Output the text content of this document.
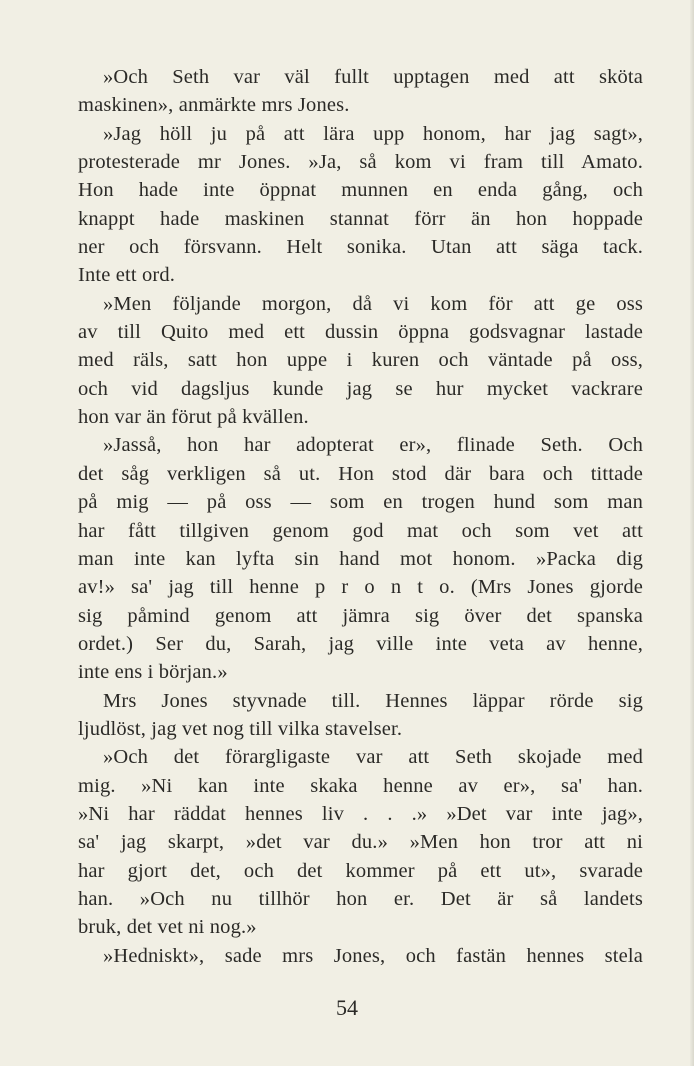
»Och Seth var väl fullt upptagen med att sköta
maskinen», anmärkte mrs Jones.
»Jag höll ju på att lära upp honom, har jag sagt»,
protesterade mr Jones. »Ja, så kom vi fram till Amato.
Hon hade inte öppnat munnen en enda gång, och
knappt hade maskinen stannat förr än hon hoppade
ner och försvann. Helt sonika. Utan att säga tack.
Inte ett ord.
»Men följande morgon, då vi kom för att ge oss
av till Quito med ett dussin öppna godsvagnar lastade
med räls, satt hon uppe i kuren och väntade på oss,
och vid dagsljus kunde jag se hur mycket vackrare
hon var än förut på kvällen.
»Jasså, hon har adopterat er», flinade Seth. Och
det såg verkligen så ut. Hon stod där bara och tittade
på mig — på oss — som en trogen hund som man
har fått tillgiven genom god mat och som vet att
man inte kan lyfta sin hand mot honom. »Packa dig
av!» sa' jag till henne p r o n t o. (Mrs Jones gjorde
sig påmind genom att jämra sig över det spanska
ordet.) Ser du, Sarah, jag ville inte veta av henne,
inte ens i början.»
Mrs Jones styvnade till. Hennes läppar rörde sig
ljudlöst, jag vet nog till vilka stavelser.
»Och det förargligaste var att Seth skojade med
mig. »Ni kan inte skaka henne av er», sa' han.
»Ni har räddat hennes liv . . .» »Det var inte jag»,
sa' jag skarpt, »det var du.» »Men hon tror att ni
har gjort det, och det kommer på ett ut», svarade
han. »Och nu tillhör hon er. Det är så landets
bruk, det vet ni nog.»
»Hedniskt», sade mrs Jones, och fastän hennes stela
54
